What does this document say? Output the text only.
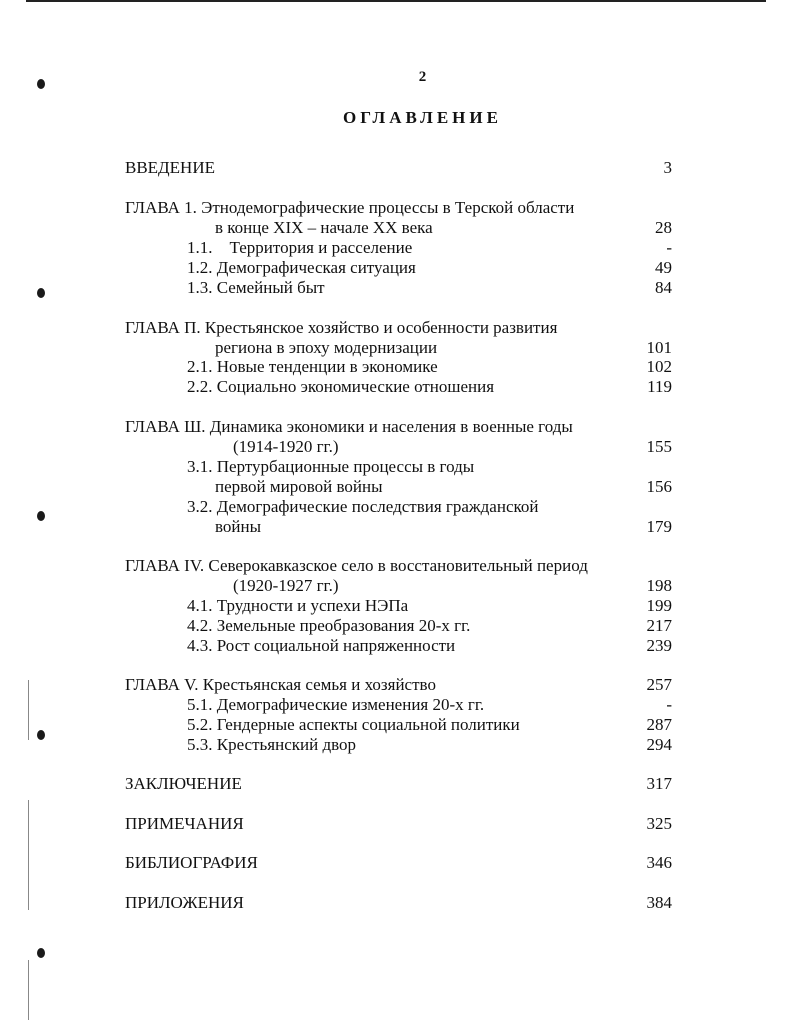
2
ОГЛАВЛЕНИЕ
ВВЕДЕНИЕ	3
ГЛАВА 1. Этнодемографические процессы в Терской области
в конце XIX – начале XX века	28
1.1.    Территория и расселение	-
1.2. Демографическая ситуация	49
1.3. Семейный быт	84
ГЛАВА П. Крестьянское хозяйство и особенности развития
региона в эпоху модернизации	101
2.1. Новые тенденции в экономике	102
2.2. Социально экономические отношения	119
ГЛАВА Ш. Динамика экономики и населения в военные годы
(1914-1920 гг.)	155
3.1. Пертурбационные процессы в годы
первой мировой войны	156
3.2. Демографические последствия гражданской
войны	179
ГЛАВА IV. Северокавказское село в восстановительный период
(1920-1927 гг.)	198
4.1. Трудности и успехи НЭПа	199
4.2. Земельные преобразования 20-х гг.	217
4.3. Рост социальной напряженности	239
ГЛАВА V. Крестьянская семья и хозяйство	257
5.1. Демографические изменения 20-х гг.	-
5.2. Гендерные аспекты социальной политики	287
5.3. Крестьянский двор	294
ЗАКЛЮЧЕНИЕ	317
ПРИМЕЧАНИЯ	325
БИБЛИОГРАФИЯ	346
ПРИЛОЖЕНИЯ	384
